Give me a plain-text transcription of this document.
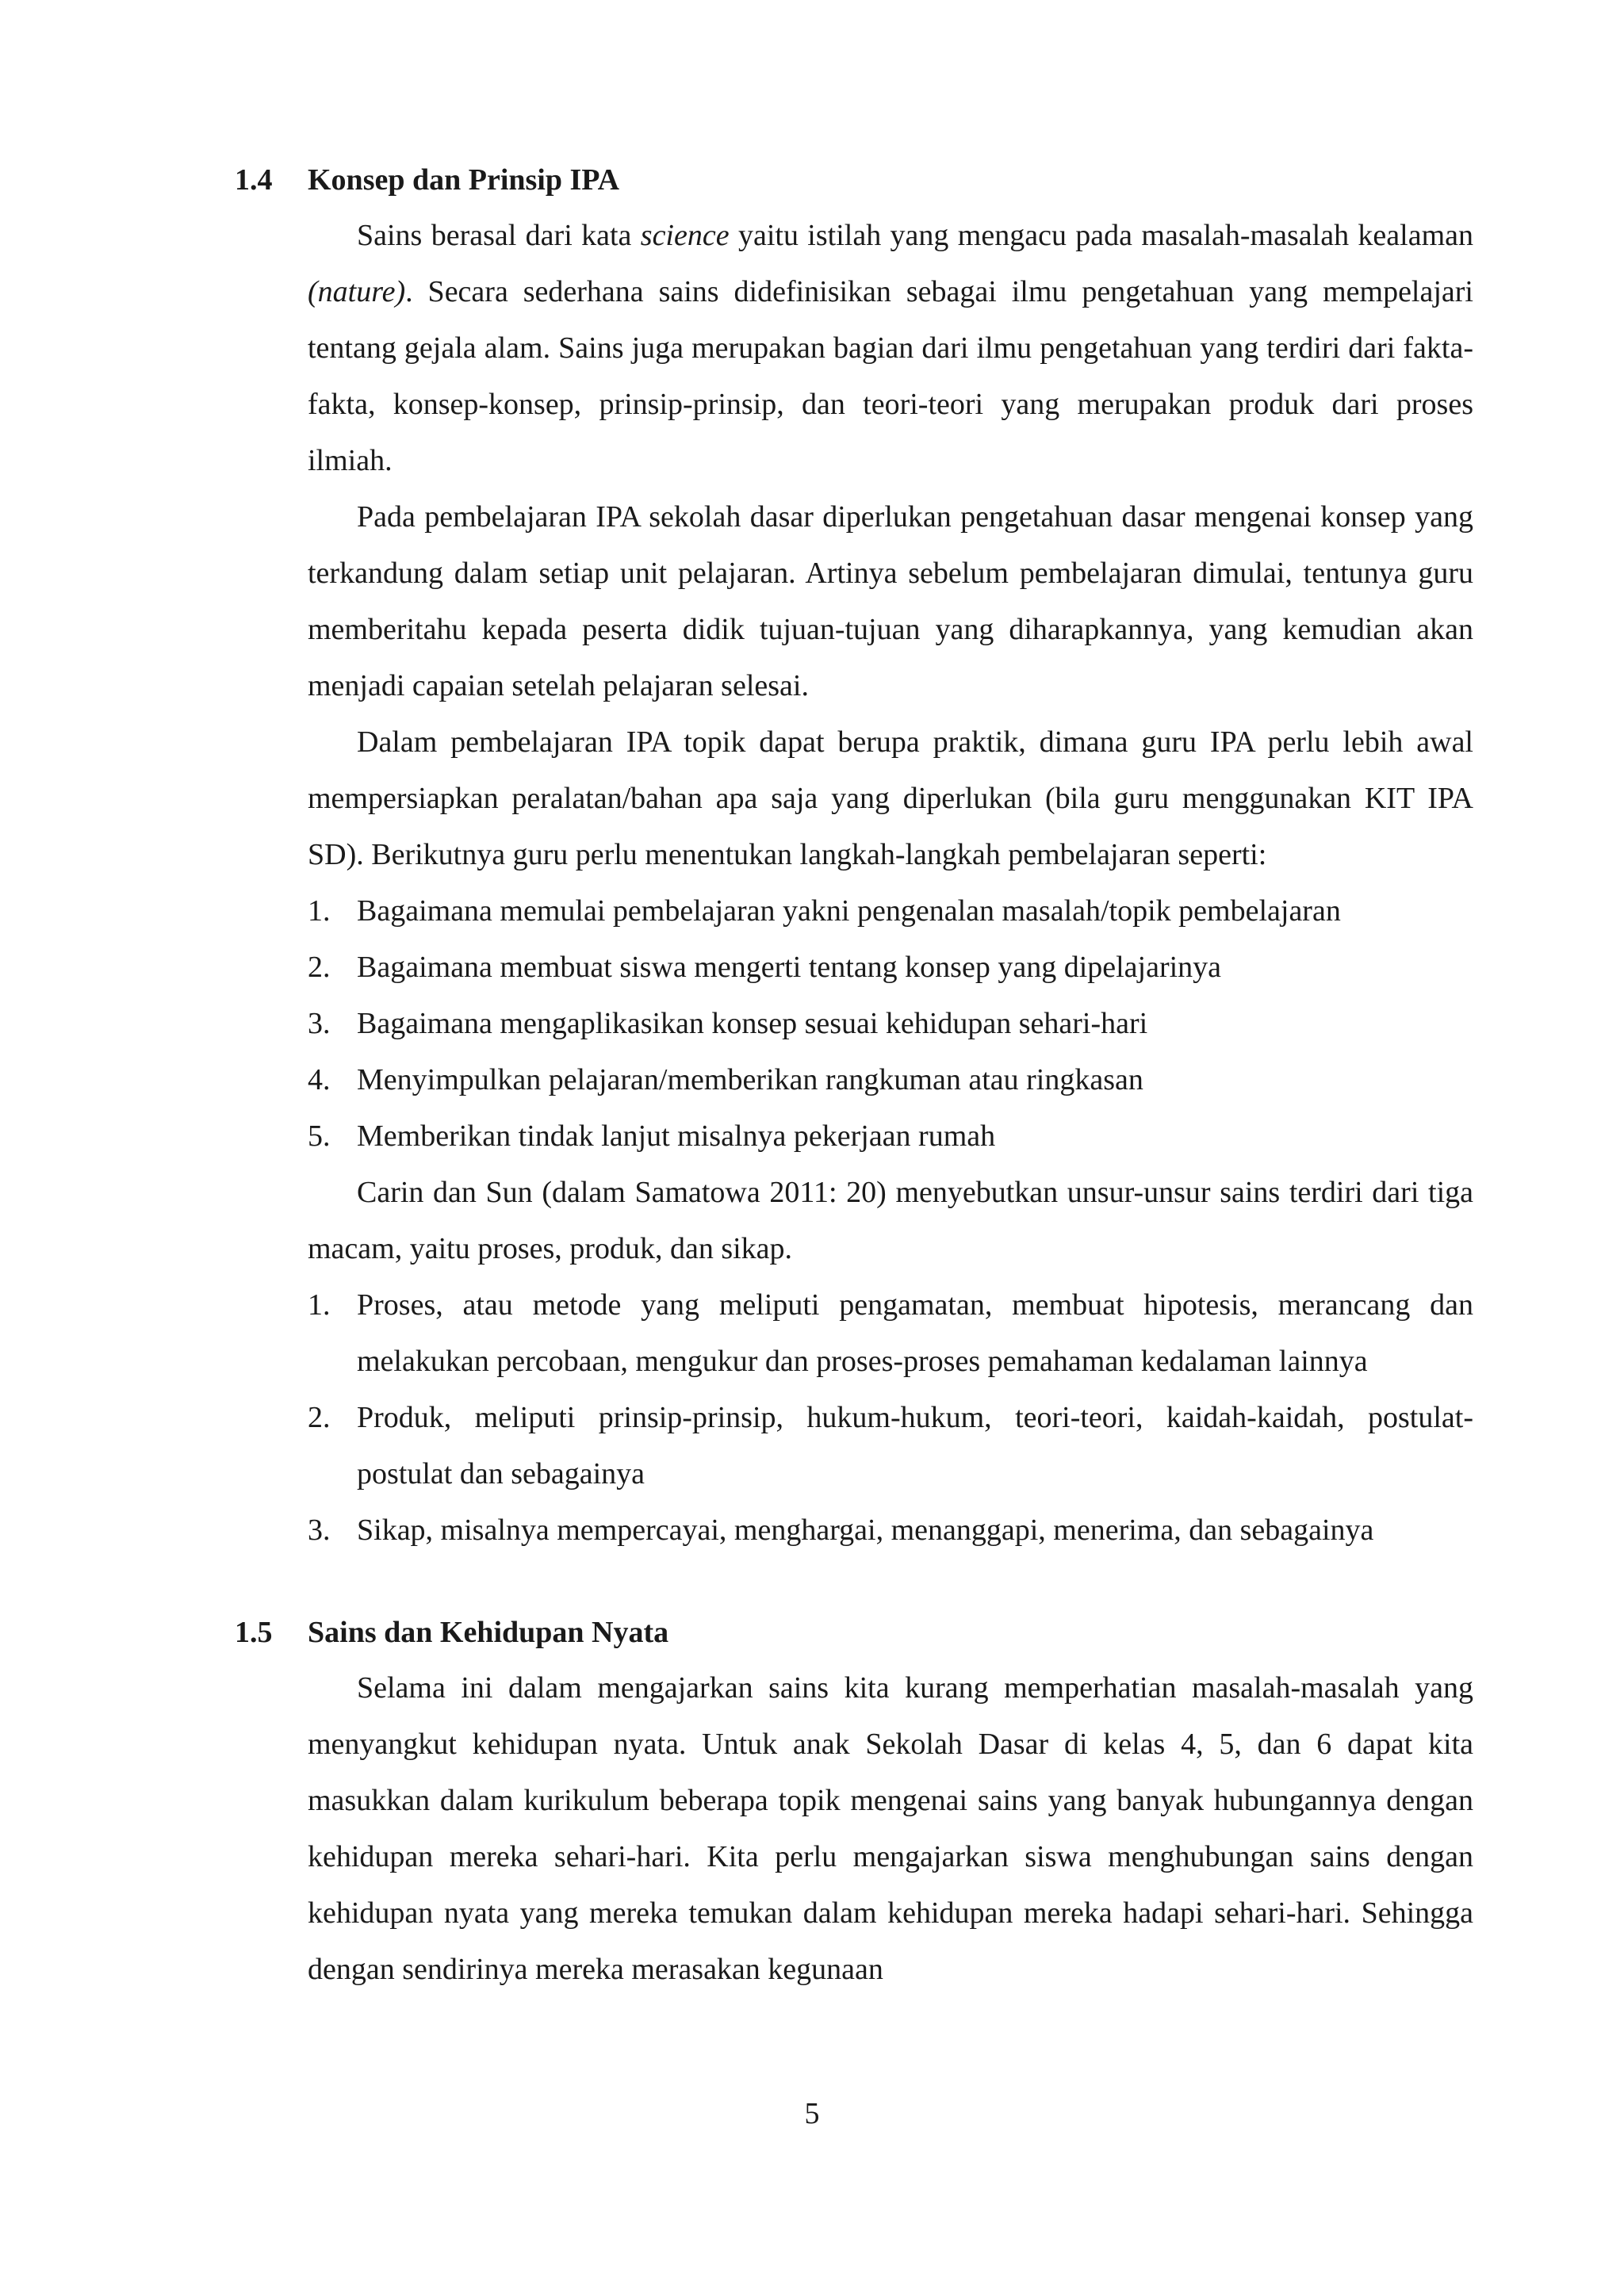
1.4	Konsep dan Prinsip IPA

Sains berasal dari kata science yaitu istilah yang mengacu pada masalah-masalah kealaman (nature). Secara sederhana sains didefinisikan sebagai ilmu pengetahuan yang mempelajari tentang gejala alam. Sains juga merupakan bagian dari ilmu pengetahuan yang terdiri dari fakta-fakta, konsep-konsep, prinsip-prinsip, dan teori-teori yang merupakan produk dari proses ilmiah.

Pada pembelajaran IPA sekolah dasar diperlukan pengetahuan dasar mengenai konsep yang terkandung dalam setiap unit pelajaran. Artinya sebelum pembelajaran dimulai, tentunya guru memberitahu kepada peserta didik tujuan-tujuan yang diharapkannya, yang kemudian akan menjadi capaian setelah pelajaran selesai.

Dalam pembelajaran IPA topik dapat berupa praktik, dimana guru IPA perlu lebih awal mempersiapkan peralatan/bahan apa saja yang diperlukan (bila guru menggunakan KIT IPA SD). Berikutnya guru perlu menentukan langkah-langkah pembelajaran seperti:

1. Bagaimana memulai pembelajaran yakni pengenalan masalah/topik pembelajaran
2. Bagaimana membuat siswa mengerti tentang konsep yang dipelajarinya
3. Bagaimana mengaplikasikan konsep sesuai kehidupan sehari-hari
4. Menyimpulkan pelajaran/memberikan rangkuman atau ringkasan
5. Memberikan tindak lanjut misalnya pekerjaan rumah

Carin dan Sun (dalam Samatowa 2011: 20) menyebutkan unsur-unsur sains terdiri dari tiga macam, yaitu proses, produk, dan sikap.

1. Proses, atau metode yang meliputi pengamatan, membuat hipotesis, merancang dan melakukan percobaan, mengukur dan proses-proses pemahaman kedalaman lainnya
2. Produk, meliputi prinsip-prinsip, hukum-hukum, teori-teori, kaidah-kaidah, postulat-postulat dan sebagainya
3. Sikap, misalnya mempercayai, menghargai, menanggapi, menerima, dan sebagainya
1.5	Sains dan Kehidupan Nyata

Selama ini dalam mengajarkan sains kita kurang memperhatian masalah-masalah yang menyangkut kehidupan nyata. Untuk anak Sekolah Dasar di kelas 4, 5, dan 6 dapat kita masukkan dalam kurikulum beberapa topik mengenai sains yang banyak hubungannya dengan kehidupan mereka sehari-hari. Kita perlu mengajarkan siswa menghubungan sains dengan kehidupan nyata yang mereka temukan dalam kehidupan mereka hadapi sehari-hari. Sehingga dengan sendirinya mereka merasakan kegunaan

5
